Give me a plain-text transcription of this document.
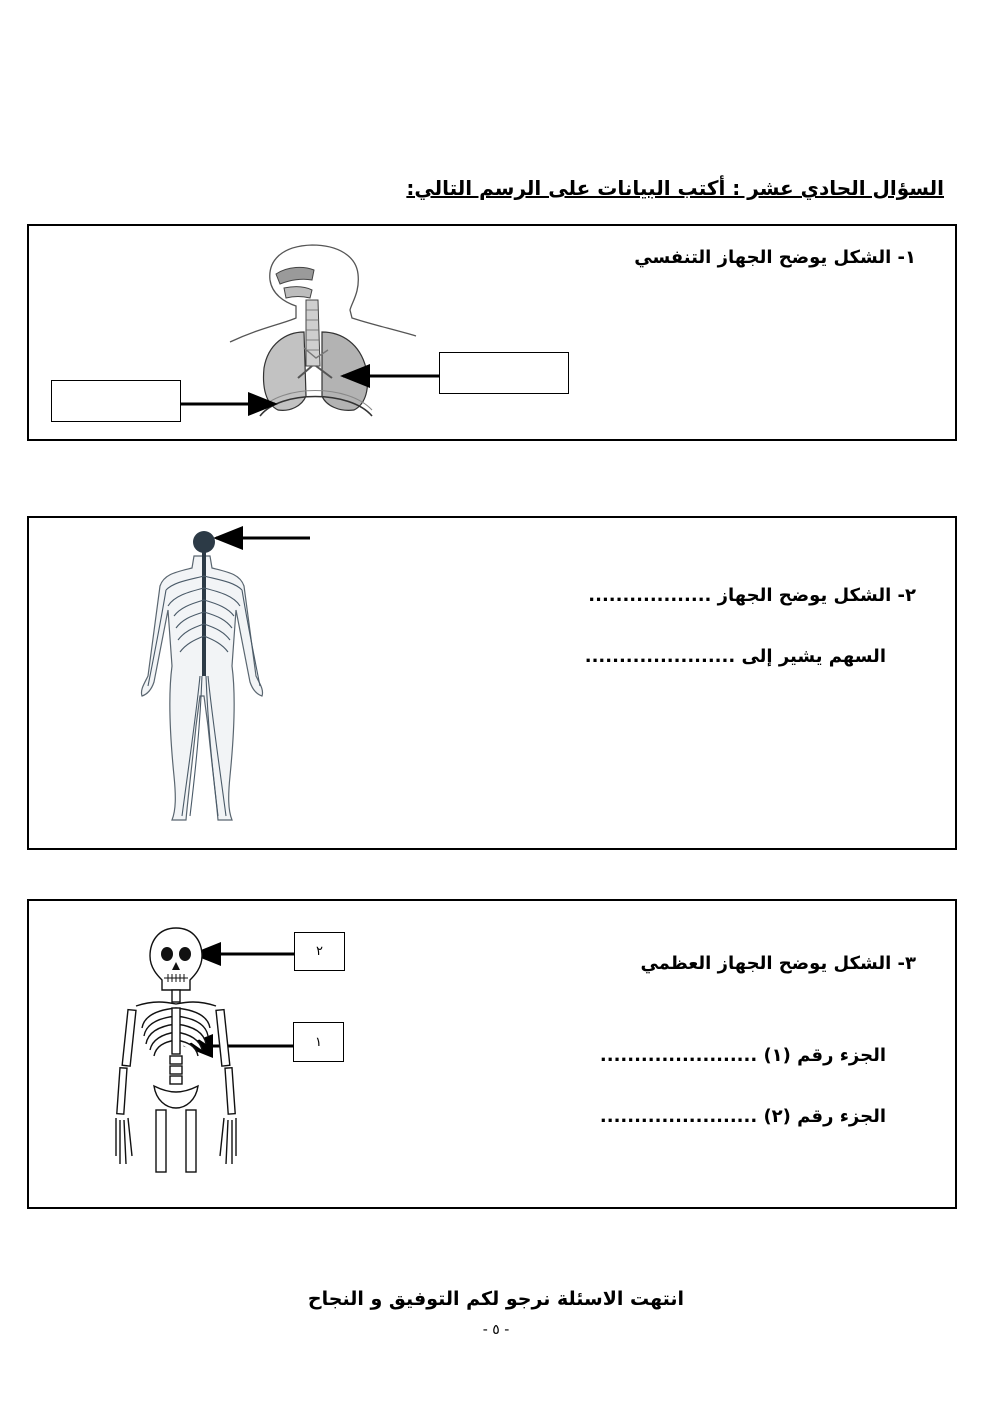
السؤال الحادي عشر : أكتب البيانات على الرسم التالي:
١- الشكل يوضح الجهاز التنفسي
٢- الشكل يوضح الجهاز ..................
السهم يشير إلى ......................
٣- الشكل يوضح الجهاز العظمي
الجزء رقم (١) .......................
الجزء رقم (٢) .......................
٢
١
انتهت الاسئلة نرجو لكم التوفيق و النجاح
- ٥ -
